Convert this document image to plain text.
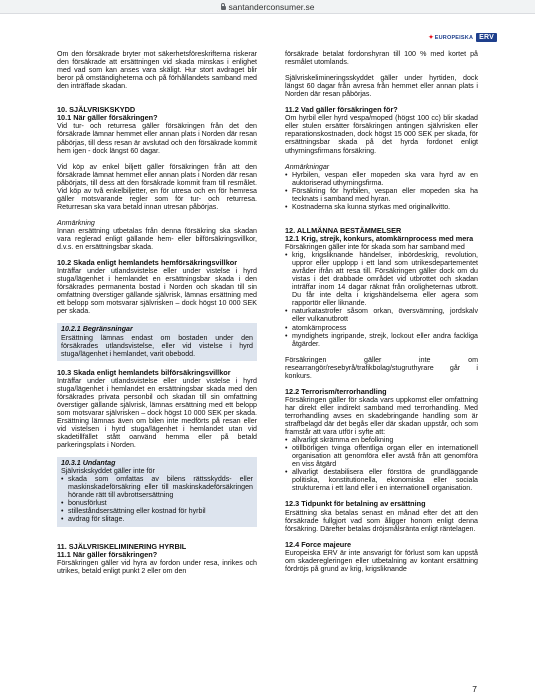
santanderconsumer.se
✦ EUROPEISKA ERV

Om den försäkrade bryter mot säkerhetsföreskrifterna riskerar den försäkrade att ersättningen vid skada minskas i enlighet med vad som kan anses vara skäligt. Hur stort avdraget blir beror på omständigheterna och på förhållandets samband med den inträffade skadan.

10. SJÄLVRISKSKYDD
10.1 När gäller försäkringen?

Vid tur- och returresa gäller försäkringen från det den försäkrade lämnar hemmet eller annan plats i Norden där resan påbörjas, till dess resan är avslutad och den försäkrade kommit hem igen - dock längst 60 dagar.

Vid köp av enkel biljett gäller försäkringen från att den försäkrade lämnat hemmet eller annan plats i Norden där resan påbörjats, till dess att den försäkrade kommit fram till resmålet. Vid köp av två enkelbiljetter, en för utresa och en för hemresa gäller motsvarande regler som för tur- och returresa. Returresan ska vara betald innan utresan påbörjas.

Anmärkning

Innan ersättning utbetalas från denna försäkring ska skadan vara reglerad enligt gällande hem- eller bilförsäkringsvillkor, d.v.s. en ersättningsbar skada.

10.2 Skada enligt hemlandets hemförsäkringsvillkor

Inträffar under utlandsvistelse eller under vistelse i hyrd stuga/lägenhet i hemlandet en ersättningsbar skada i den försäkrades permanenta bostad i Norden och skadan till sin omfattning överstiger gällande självrisk, lämnas ersättning med ett belopp som motsvarar självrisken – dock högst 10 000 SEK per skada.

10.2.1 Begränsningar

Ersättning lämnas endast om bostaden under den försäkrades utlandsvistelse, eller vid vistelse i hyrd stuga/lägenhet i hemlandet, varit obebodd.

10.3 Skada enligt hemlandets bilförsäkringsvillkor

Inträffar under utlandsvistelse eller under vistelse i hyrd stuga/lägenhet i hemlandet en ersättningsbar skada med den försäkrades privata personbil och skadan till sin omfattning överstiger gällande självrisk, lämnas ersättning med ett belopp som motsvarar självrisken – dock högst 10 000 SEK per skada. Ersättning lämnas även om bilen inte medförts på resan eller vid vistelsen i hyrd stuga/lägenhet i hemlandet utan vid skadetillfället stått oanvänd hemma eller på betald parkeringsplats i Norden.

10.3.1 Undantag

Självriskskyddet gäller inte för

• skada som omfattas av bilens rättsskydds- eller maskinskadeförsäkring eller till maskinskadeförsäkringen hörande rätt till avbrottsersättning
• bonusförlust
• stilleståndsersättning eller kostnad för hyrbil
• avdrag för slitage.
11. SJÄLVRISKELIMINERING HYRBIL
11.1 När gäller försäkringen?

Försäkringen gäller vid hyra av fordon under resa, inrikes och utrikes, betald enligt punkt 2 eller om den

försäkrade betalat fordonshyran till 100 % med kortet på resmålet utomlands.

Självriskelimineringsskyddet gäller under hyrtiden, dock längst 60 dagar från avresa från hemmet eller annan plats i Norden där resan påbörjas.

11.2 Vad gäller försäkringen för?

Om hyrbil eller hyrd vespa/moped (högst 100 cc) blir skadad eller stulen ersätter försäkringen antingen självrisken eller reparationskostnaden, dock högst 15 000 SEK per skada, för ersättningsbar skada på det hyrda fordonet enligt uthyrningsfirmans försäkring.

Anmärkningar
• Hyrbilen, vespan eller mopeden ska vara hyrd av en auktoriserad uthyrningsfirma.
• Försäkring för hyrbilen, vespan eller mopeden ska ha tecknats i samband med hyran.
• Kostnaderna ska kunna styrkas med originalkvitto.
12. ALLMÄNNA BESTÄMMELSER
12.1 Krig, strejk, konkurs, atomkärnprocess med mera

Försäkringen gäller inte för skada som har samband med

• krig, krigsliknande händelser, inbördeskrig, revolution, uppror eller upplopp i ett land som utrikesdepartementet avråder ifrån att resa till. Försäkringen gäller dock om du vistas i det drabbade området vid utbrottet och skadan inträffar inom 14 dagar räknat från oroligheternas utbrott. Du får inte delta i krigshändelserna eller agera som rapportör eller liknande.
• naturkatastrofer såsom orkan, översvämning, jordskalv eller vulkanutbrott
• atomkärnprocess
• myndighets ingripande, strejk, lockout eller andra fackliga åtgärder.

Försäkringen gäller inte om researrangör/resebyrå/trafikbolag/stugruthyrare går i konkurs.

12.2 Terrorism/terrorhandling

Försäkringen gäller för skada vars uppkomst eller omfattning har direkt eller indirekt samband med terrorhandling. Med terrorhandling avses en skadebringande handling som är straffbelagd där det begås eller där skadan uppstår, och som framstår att vara utför i syfte att:

• allvarligt skrämma en befolkning
• otillbörligen tvinga offentliga organ eller en internationell organisation att genomföra eller avstå från att genomföra en viss åtgärd
• allvarligt destabilisera eller förstöra de grundläggande politiska, konstitutionella, ekonomiska eller sociala strukturerna i ett land eller i en internationell organisation.
12.3 Tidpunkt för betalning av ersättning

Ersättning ska betalas senast en månad efter det att den försäkrade fullgjort vad som åligger honom enligt denna försäkring. Därefter betalas dröjsmålsränta enligt räntelagen.

12.4 Force majeure

Europeiska ERV är inte ansvarigt för förlust som kan uppstå om skaderegleringen eller utbetalning av kontant ersättning fördröjs på grund av krig, krigsliknande

7
